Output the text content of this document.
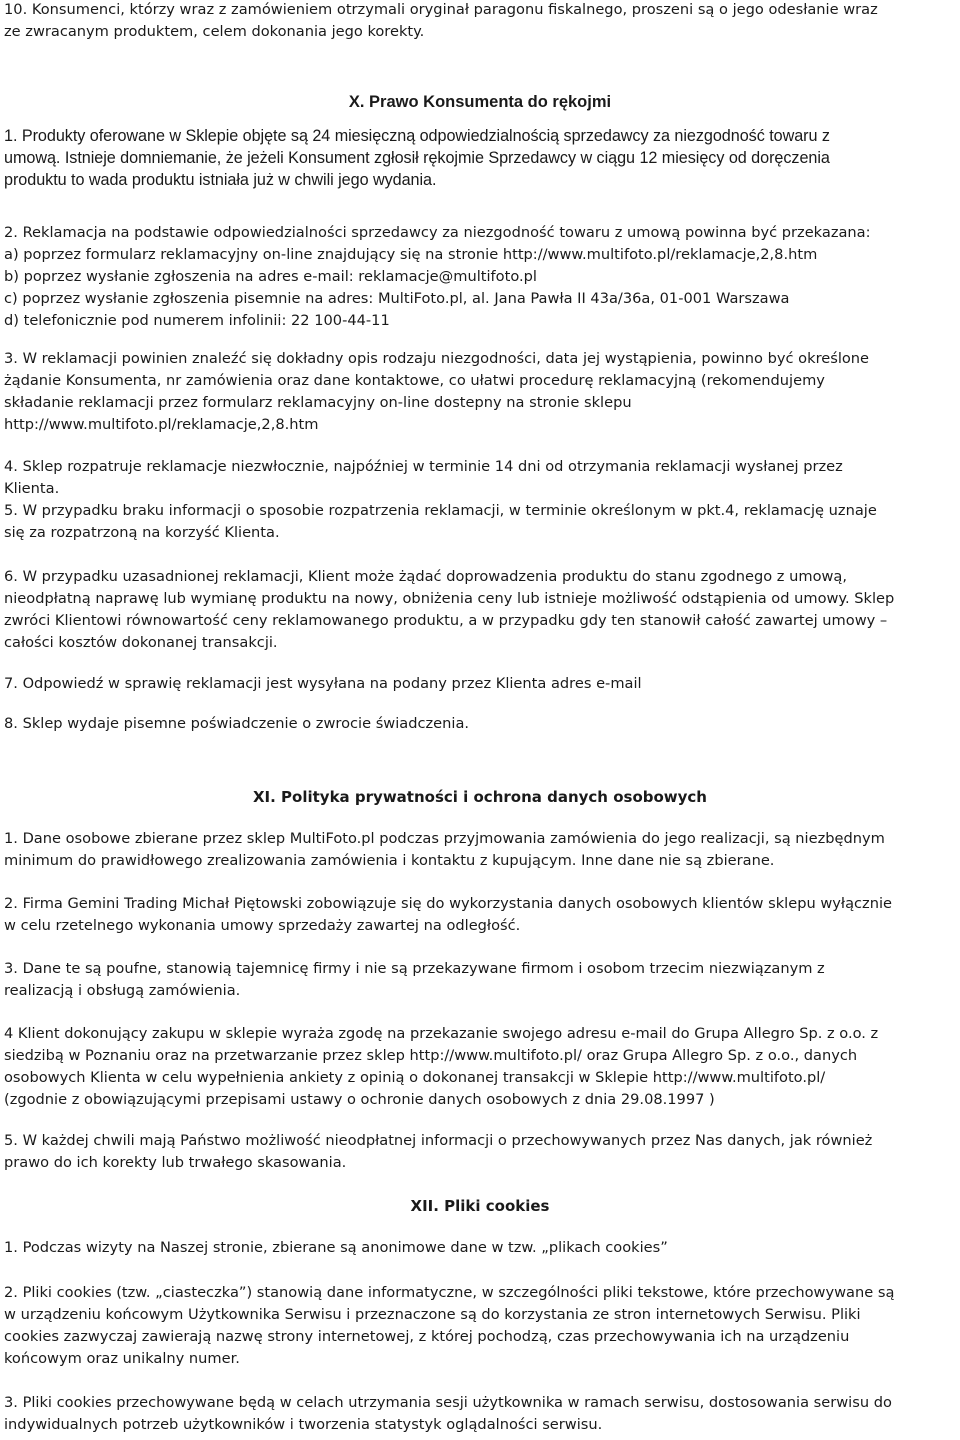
10. Konsumenci, którzy wraz z zamówieniem otrzymali oryginał paragonu fiskalnego, proszeni są o jego odesłanie wraz
ze zwracanym produktem, celem dokonania jego korekty.

X. Prawo Konsumenta do rękojmi

1. Produkty oferowane w Sklepie objęte są 24 miesięczną odpowiedzialnością sprzedawcy za niezgodność towaru z
umową. Istnieje domniemanie, że jeżeli Konsument zgłosił rękojmie Sprzedawcy w ciągu 12 miesięcy od doręczenia
produktu to wada produktu istniała już w chwili jego wydania.

2. Reklamacja na podstawie odpowiedzialności sprzedawcy za niezgodność towaru z umową powinna być przekazana:
a) poprzez formularz reklamacyjny on-line znajdujący się na stronie http://www.multifoto.pl/reklamacje,2,8.htm
b) poprzez wysłanie zgłoszenia na adres e-mail: reklamacje@multifoto.pl
c) poprzez wysłanie zgłoszenia pisemnie na adres: MultiFoto.pl, al. Jana Pawła II 43a/36a, 01-001 Warszawa
d) telefonicznie pod numerem infolinii: 22 100-44-11

3. W reklamacji powinien znaleźć się dokładny opis rodzaju niezgodności, data jej wystąpienia, powinno być określone
żądanie Konsumenta, nr zamówienia oraz dane kontaktowe, co ułatwi procedurę reklamacyjną (rekomendujemy
składanie reklamacji przez formularz reklamacyjny on-line dostepny na stronie sklepu
http://www.multifoto.pl/reklamacje,2,8.htm

4. Sklep rozpatruje reklamacje niezwłocznie, najpóźniej w terminie 14 dni od otrzymania reklamacji wysłanej przez
Klienta.
5. W przypadku braku informacji o sposobie rozpatrzenia reklamacji, w terminie określonym w pkt.4, reklamację uznaje
się za rozpatrzoną na korzyść Klienta.

6. W przypadku uzasadnionej reklamacji, Klient może żądać doprowadzenia produktu do stanu zgodnego z umową,
nieodpłatną naprawę lub wymianę produktu na nowy, obniżenia ceny lub istnieje możliwość odstąpienia od umowy. Sklep
zwróci Klientowi równowartość ceny reklamowanego produktu, a w przypadku gdy ten stanowił całość zawartej umowy –
całości kosztów dokonanej transakcji.

7. Odpowiedź w sprawię reklamacji jest wysyłana na podany przez Klienta adres e-mail

8. Sklep wydaje pisemne poświadczenie o zwrocie świadczenia.

XI. Polityka prywatności i ochrona danych osobowych

1. Dane osobowe zbierane przez sklep MultiFoto.pl podczas przyjmowania zamówienia do jego realizacji, są niezbędnym
minimum do prawidłowego zrealizowania zamówienia i kontaktu z kupującym. Inne dane nie są zbierane.

2. Firma Gemini Trading Michał Piętowski zobowiązuje się do wykorzystania danych osobowych klientów sklepu wyłącznie
w celu rzetelnego wykonania umowy sprzedaży zawartej na odległość.

3. Dane te są poufne, stanowią tajemnicę firmy i nie są przekazywane firmom i osobom trzecim niezwiązanym z
realizacją i obsługą zamówienia.

4 Klient dokonujący zakupu w sklepie wyraża zgodę na przekazanie swojego adresu e-mail do Grupa Allegro Sp. z o.o. z
siedzibą w Poznaniu oraz na przetwarzanie przez sklep http://www.multifoto.pl/ oraz Grupa Allegro Sp. z o.o., danych
osobowych Klienta w celu wypełnienia ankiety z opinią o dokonanej transakcji w Sklepie http://www.multifoto.pl/
(zgodnie z obowiązującymi przepisami ustawy o ochronie danych osobowych z dnia 29.08.1997 )

5. W każdej chwili mają Państwo możliwość nieodpłatnej informacji o przechowywanych przez Nas danych, jak również
prawo do ich korekty lub trwałego skasowania.

XII. Pliki cookies

1. Podczas wizyty na Naszej stronie, zbierane są anonimowe dane w tzw. „plikach cookies”

2. Pliki cookies (tzw. „ciasteczka”) stanowią dane informatyczne, w szczególności pliki tekstowe, które przechowywane są
w urządzeniu końcowym Użytkownika Serwisu i przeznaczone są do korzystania ze stron internetowych Serwisu. Pliki
cookies zazwyczaj zawierają nazwę strony internetowej, z której pochodzą, czas przechowywania ich na urządzeniu
końcowym oraz unikalny numer.

3. Pliki cookies przechowywane będą w celach utrzymania sesji użytkownika w ramach serwisu, dostosowania serwisu do
indywidualnych potrzeb użytkowników i tworzenia statystyk oglądalności serwisu.
